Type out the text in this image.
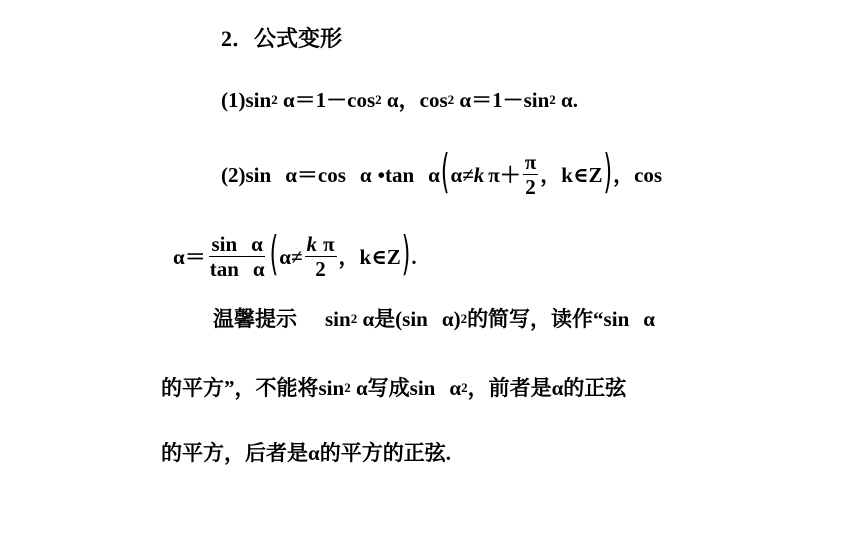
2．公式变形
$(1)\sin^2$ $\alpha=1-\cos^2$ α，$\cos^2 \alpha=1-\sin^2$ α.
(2)sin α＝cos α •tan α ( α≠ k $\pi+ \frac{\pi}{2}$ ，k∈Z ) ，cos
$\alpha= \frac{\text{sin α}}{\text{tan α}}$ ( $\alpha\ne \frac{\text{k π}}{2}$ ，k∈Z ) .
温馨提示 $\sin^2 \alpha$是(sin α)$^2$的简写，读作“sin α
的平方”，不能将$\sin^2 \alpha$写成$\sin \alpha^2$，前者是α的正弦
的平方，后者是α的平方的正弦.
